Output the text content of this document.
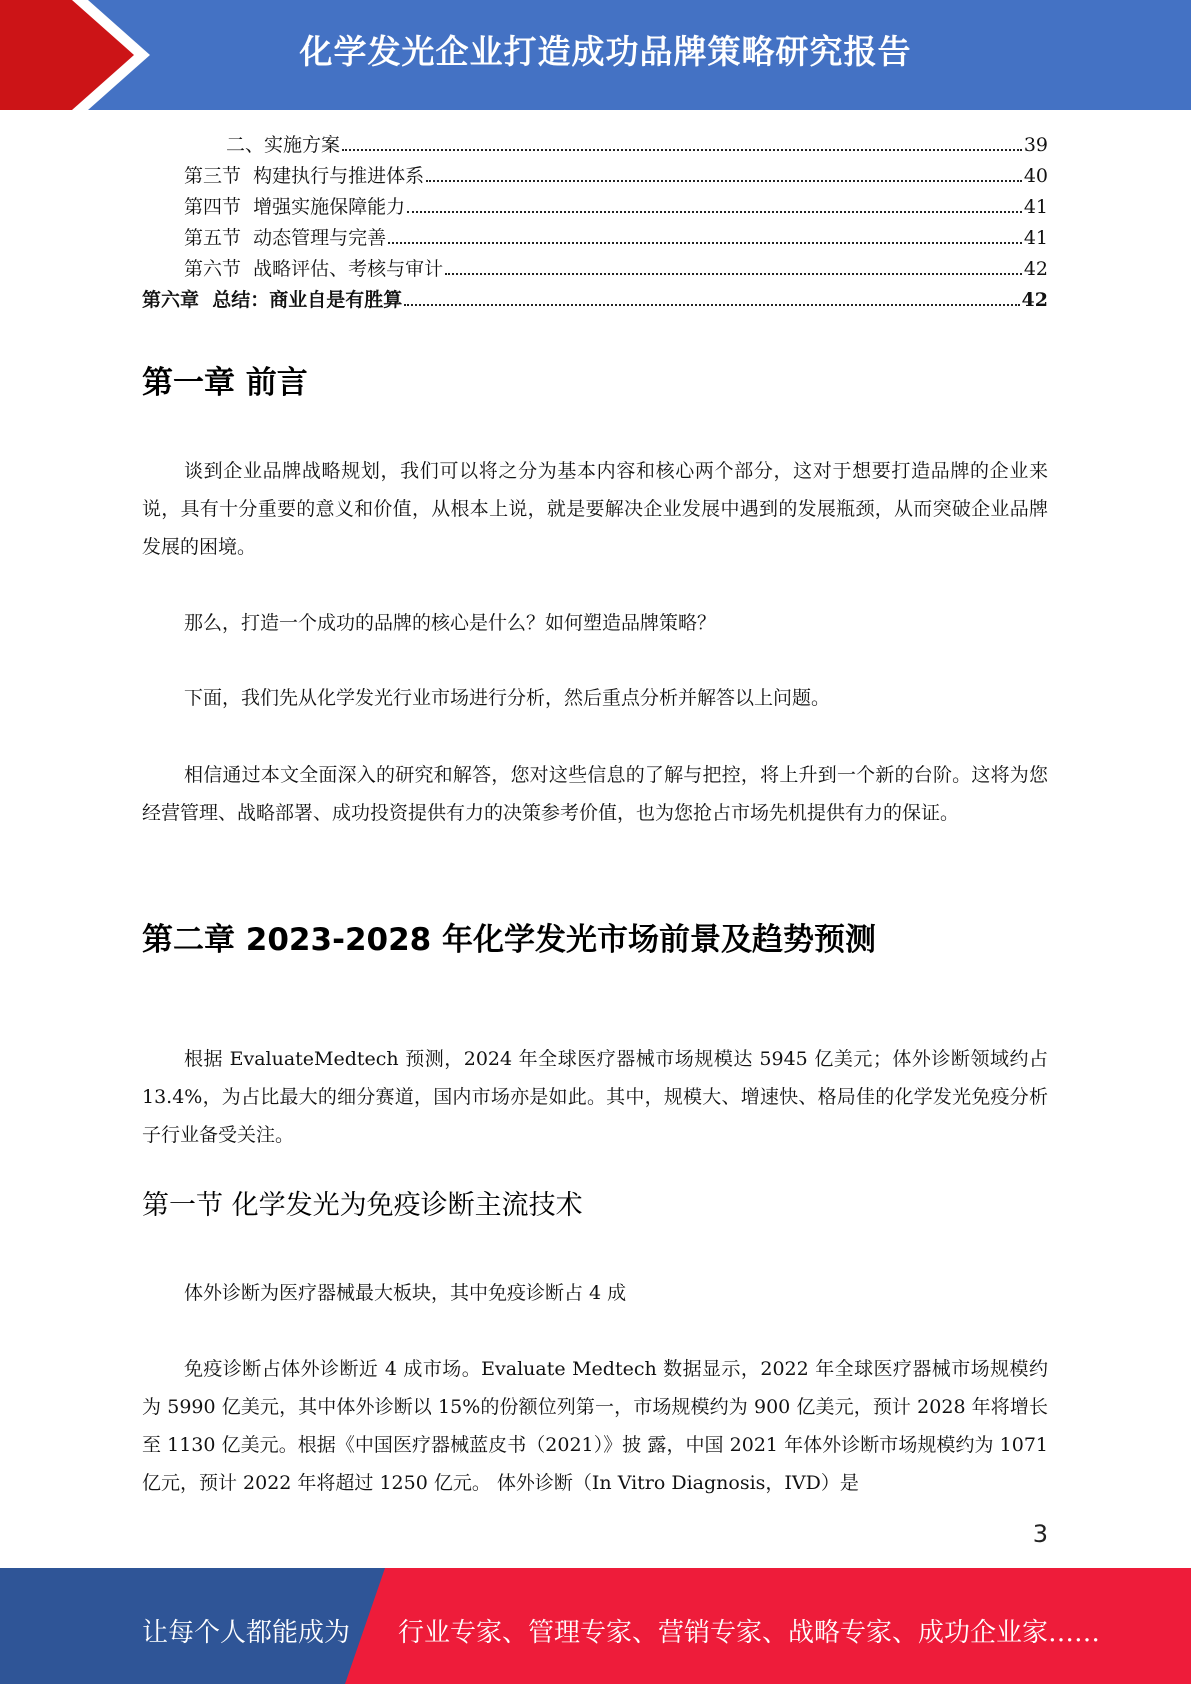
化学发光企业打造成功品牌策略研究报告
二、实施方案	39
第三节  构建执行与推进体系	40
第四节  增强实施保障能力	41
第五节  动态管理与完善	41
第六节  战略评估、考核与审计	42
第六章  总结：商业自是有胜算	42
第一章 前言

谈到企业品牌战略规划，我们可以将之分为基本内容和核心两个部分，这对于想要打造品牌的企业来说，具有十分重要的意义和价值，从根本上说，就是要解决企业发展中遇到的发展瓶颈，从而突破企业品牌发展的困境。

那么，打造一个成功的品牌的核心是什么？如何塑造品牌策略？

下面，我们先从化学发光行业市场进行分析，然后重点分析并解答以上问题。

相信通过本文全面深入的研究和解答，您对这些信息的了解与把控，将上升到一个新的台阶。这将为您经营管理、战略部署、成功投资提供有力的决策参考价值，也为您抢占市场先机提供有力的保证。

第二章 2023-2028 年化学发光市场前景及趋势预测

根据 EvaluateMedtech 预测，2024 年全球医疗器械市场规模达 5945 亿美元；体外诊断领域约占 13.4%，为占比最大的细分赛道，国内市场亦是如此。其中，规模大、增速快、格局佳的化学发光免疫分析子行业备受关注。

第一节 化学发光为免疫诊断主流技术

体外诊断为医疗器械最大板块，其中免疫诊断占 4 成

免疫诊断占体外诊断近 4 成市场。Evaluate Medtech 数据显示，2022 年全球医疗器械市场规模约为 5990 亿美元，其中体外诊断以 15%的份额位列第一，市场规模约为 900 亿美元，预计 2028 年将增长至 1130 亿美元。根据《中国医疗器械蓝皮书（2021）》披 露，中国 2021 年体外诊断市场规模约为 1071 亿元，预计 2022 年将超过 1250 亿元。 体外诊断（In Vitro Diagnosis，IVD）是

3
让每个人都能成为 行业专家、管理专家、营销专家、战略专家、成功企业家……
